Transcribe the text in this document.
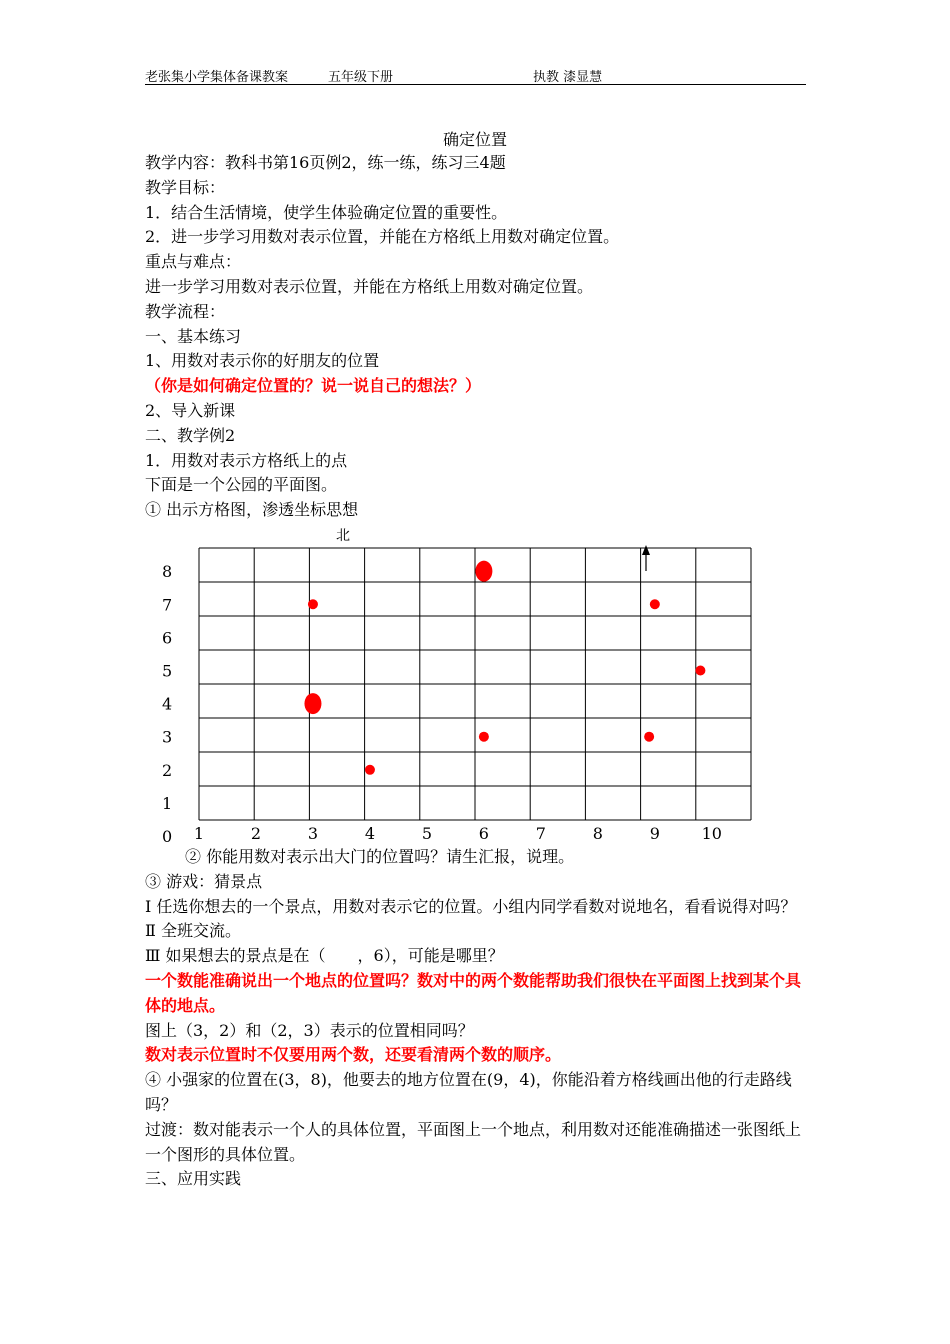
老张集小学集体备课教案	五年级下册	执教 漆显慧
确定位置

教学内容：教科书第16页例2，练一练，练习三4题

教学目标：

1．结合生活情境，使学生体验确定位置的重要性。

2．进一步学习用数对表示位置，并能在方格纸上用数对确定位置。

重点与难点：

进一步学习用数对表示位置，并能在方格纸上用数对确定位置。

教学流程：

一、基本练习

1、用数对表示你的好朋友的位置

（你是如何确定位置的？说一说自己的想法？）

2、导入新课

二、教学例2

1．用数对表示方格纸上的点

下面是一个公园的平面图。

① 出示方格图，渗透坐标思想

北
0
1
2
3
4
5
6
7
8
1	2	3	4	5	6	7	8	9	10

② 你能用数对表示出大门的位置吗？请生汇报，说理。

③ 游戏：猜景点

Ⅰ 任选你想去的一个景点，用数对表示它的位置。小组内同学看数对说地名，看看说得对吗？

Ⅱ 全班交流。

Ⅲ 如果想去的景点是在（　　，6），可能是哪里？

一个数能准确说出一个地点的位置吗？数对中的两个数能帮助我们很快在平面图上找到某个具体的地点。

图上（3，2）和（2，3）表示的位置相同吗？

数对表示位置时不仅要用两个数，还要看清两个数的顺序。

④ 小强家的位置在(3，8)，他要去的地方位置在(9，4)，你能沿着方格线画出他的行走路线吗？

过渡：数对能表示一个人的具体位置，平面图上一个地点，利用数对还能准确描述一张图纸上一个图形的具体位置。

三、应用实践
